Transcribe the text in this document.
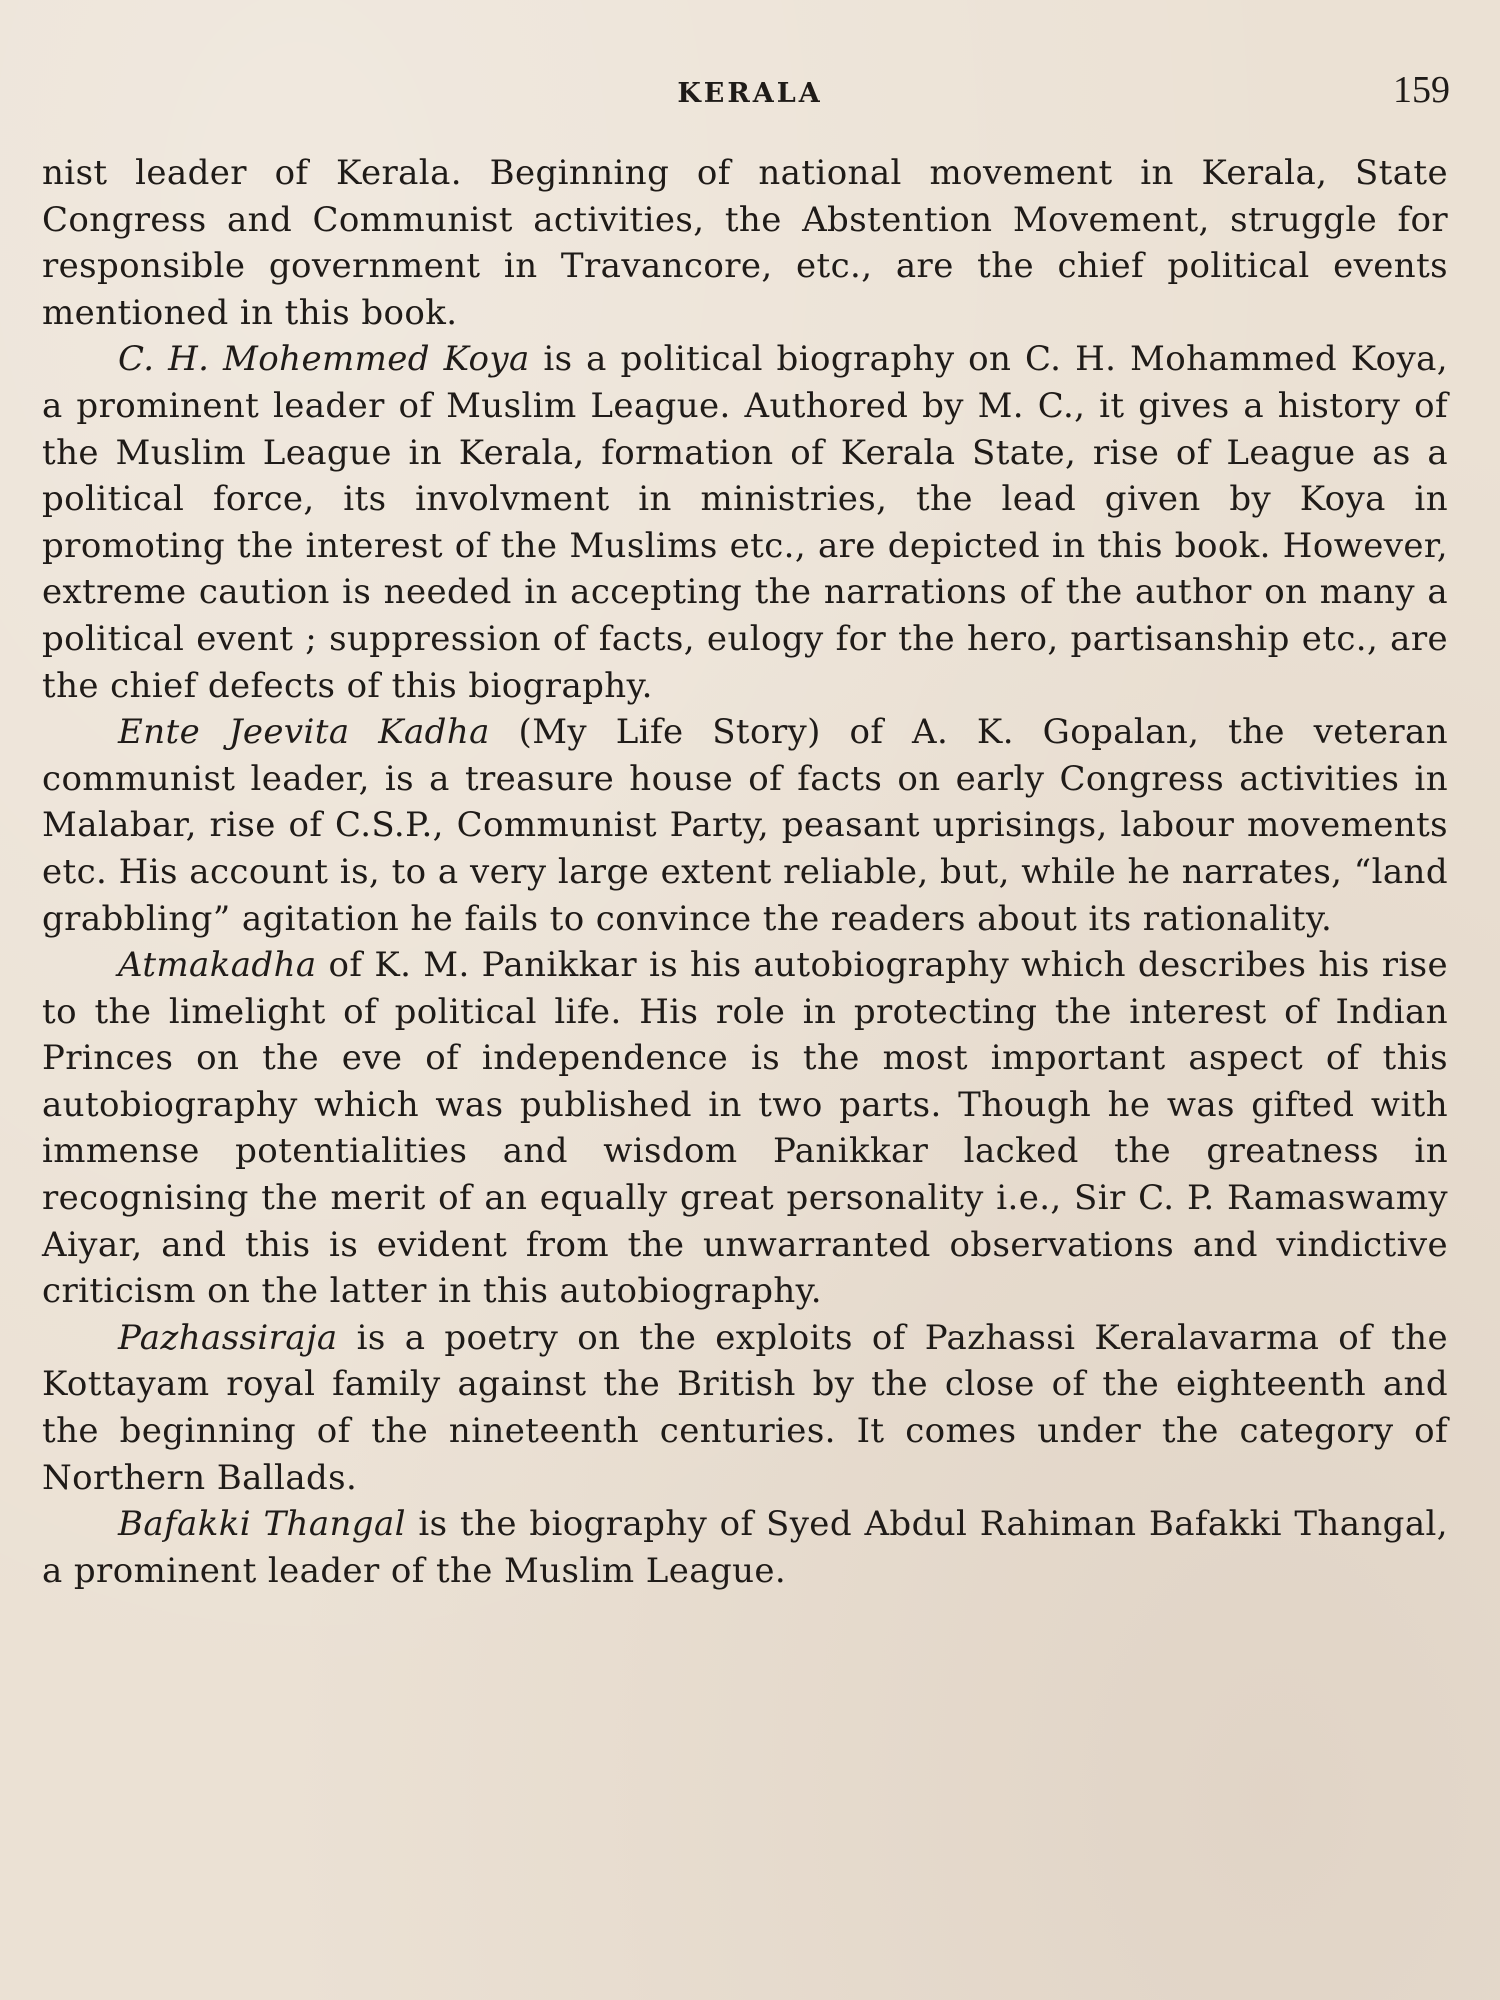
KERALA	159

nist leader of Kerala. Beginning of national movement in Kerala, State Congress and Communist activities, the Abstention Movement, struggle for responsible government in Travancore, etc., are the chief political events mentioned in this book.

C. H. Mohemmed Koya is a political biography on C. H. Mohammed Koya, a prominent leader of Muslim League. Authored by M. C., it gives a history of the Muslim League in Kerala, formation of Kerala State, rise of League as a political force, its involvment in ministries, the lead given by Koya in promoting the interest of the Muslims etc., are depicted in this book. However, extreme caution is needed in accepting the narrations of the author on many a political event ; suppression of facts, eulogy for the hero, partisanship etc., are the chief defects of this biography.

Ente Jeevita Kadha (My Life Story) of A. K. Gopalan, the veteran communist leader, is a treasure house of facts on early Congress activities in Malabar, rise of C.S.P., Communist Party, peasant uprisings, labour movements etc. His account is, to a very large extent reliable, but, while he narrates, “land grabbling” agitation he fails to convince the readers about its rationality.

Atmakadha of K. M. Panikkar is his autobiography which describes his rise to the limelight of political life. His role in protecting the interest of Indian Princes on the eve of independence is the most important aspect of this autobiography which was published in two parts. Though he was gifted with immense potentialities and wisdom Panikkar lacked the greatness in recognising the merit of an equally great personality i.e., Sir C. P. Ramaswamy Aiyar, and this is evident from the unwarranted observations and vindictive criticism on the latter in this autobiography.

Pazhassiraja is a poetry on the exploits of Pazhassi Keralavarma of the Kottayam royal family against the British by the close of the eighteenth and the beginning of the nineteenth centuries. It comes under the category of Northern Ballads.

Bafakki Thangal is the biography of Syed Abdul Rahiman Bafakki Thangal, a prominent leader of the Muslim League.
